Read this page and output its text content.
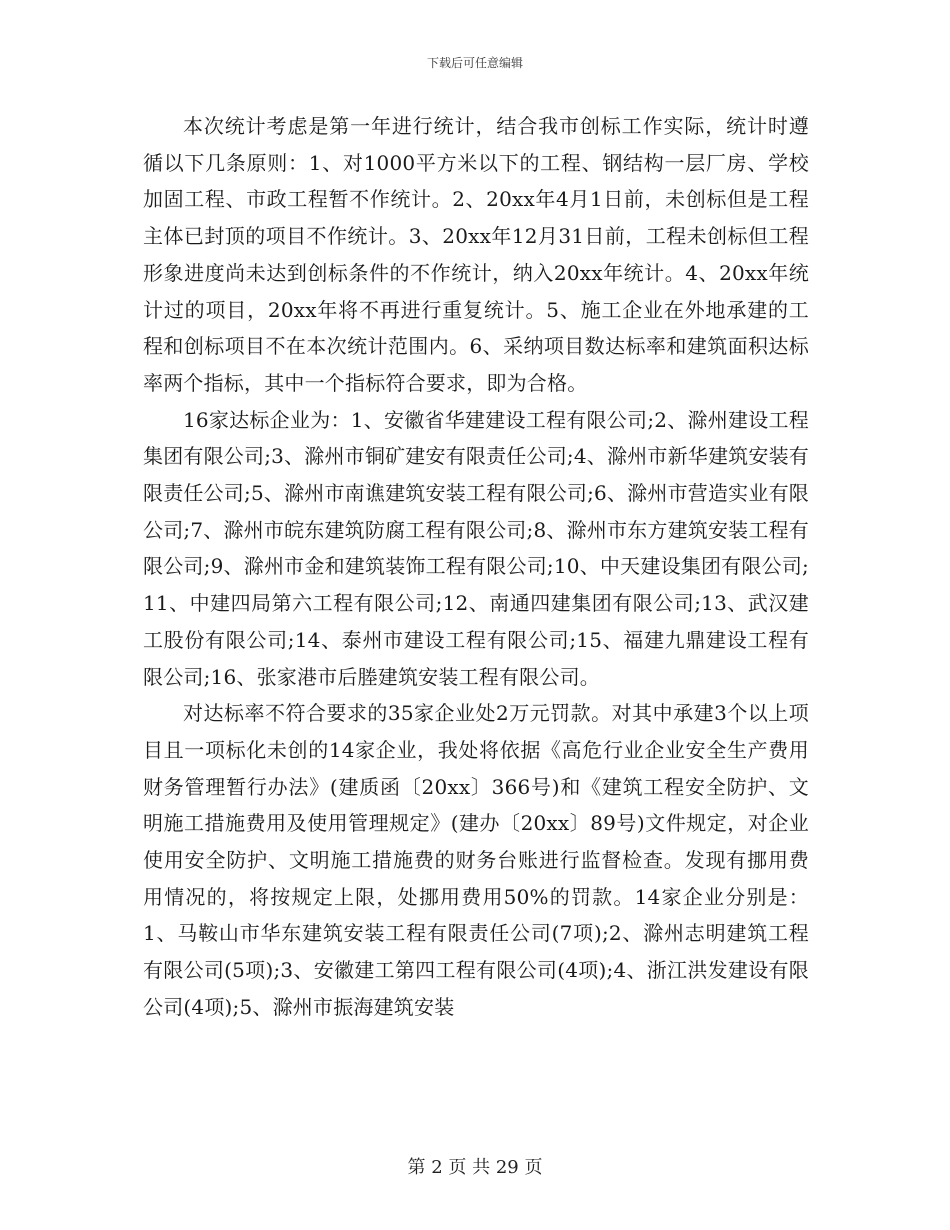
下载后可任意编辑

本次统计考虑是第一年进行统计，结合我市创标工作实际，统计时遵循以下几条原则：1、对1000平方米以下的工程、钢结构一层厂房、学校加固工程、市政工程暂不作统计。2、20xx年4月1日前，未创标但是工程主体已封顶的项目不作统计。3、20xx年12月31日前，工程未创标但工程形象进度尚未达到创标条件的不作统计，纳入20xx年统计。4、20xx年统计过的项目，20xx年将不再进行重复统计。5、施工企业在外地承建的工程和创标项目不在本次统计范围内。6、采纳项目数达标率和建筑面积达标率两个指标，其中一个指标符合要求，即为合格。

16家达标企业为：1、安徽省华建建设工程有限公司;2、滁州建设工程集团有限公司;3、滁州市铜矿建安有限责任公司;4、滁州市新华建筑安装有限责任公司;5、滁州市南谯建筑安装工程有限公司;6、滁州市营造实业有限公司;7、滁州市皖东建筑防腐工程有限公司;8、滁州市东方建筑安装工程有限公司;9、滁州市金和建筑装饰工程有限公司;10、中天建设集团有限公司;11、中建四局第六工程有限公司;12、南通四建集团有限公司;13、武汉建工股份有限公司;14、泰州市建设工程有限公司;15、福建九鼎建设工程有限公司;16、张家港市后塍建筑安装工程有限公司。

对达标率不符合要求的35家企业处2万元罚款。对其中承建3个以上项目且一项标化未创的14家企业，我处将依据《高危行业企业安全生产费用财务管理暂行办法》(建质函〔20xx〕366号)和《建筑工程安全防护、文明施工措施费用及使用管理规定》(建办〔20xx〕89号)文件规定，对企业使用安全防护、文明施工措施费的财务台账进行监督检查。发现有挪用费用情况的，将按规定上限，处挪用费用50%的罚款。14家企业分别是：1、马鞍山市华东建筑安装工程有限责任公司(7项);2、滁州志明建筑工程有限公司(5项);3、安徽建工第四工程有限公司(4项);4、浙江洪发建设有限公司(4项);5、滁州市振海建筑安装

第 2 页 共 29 页
